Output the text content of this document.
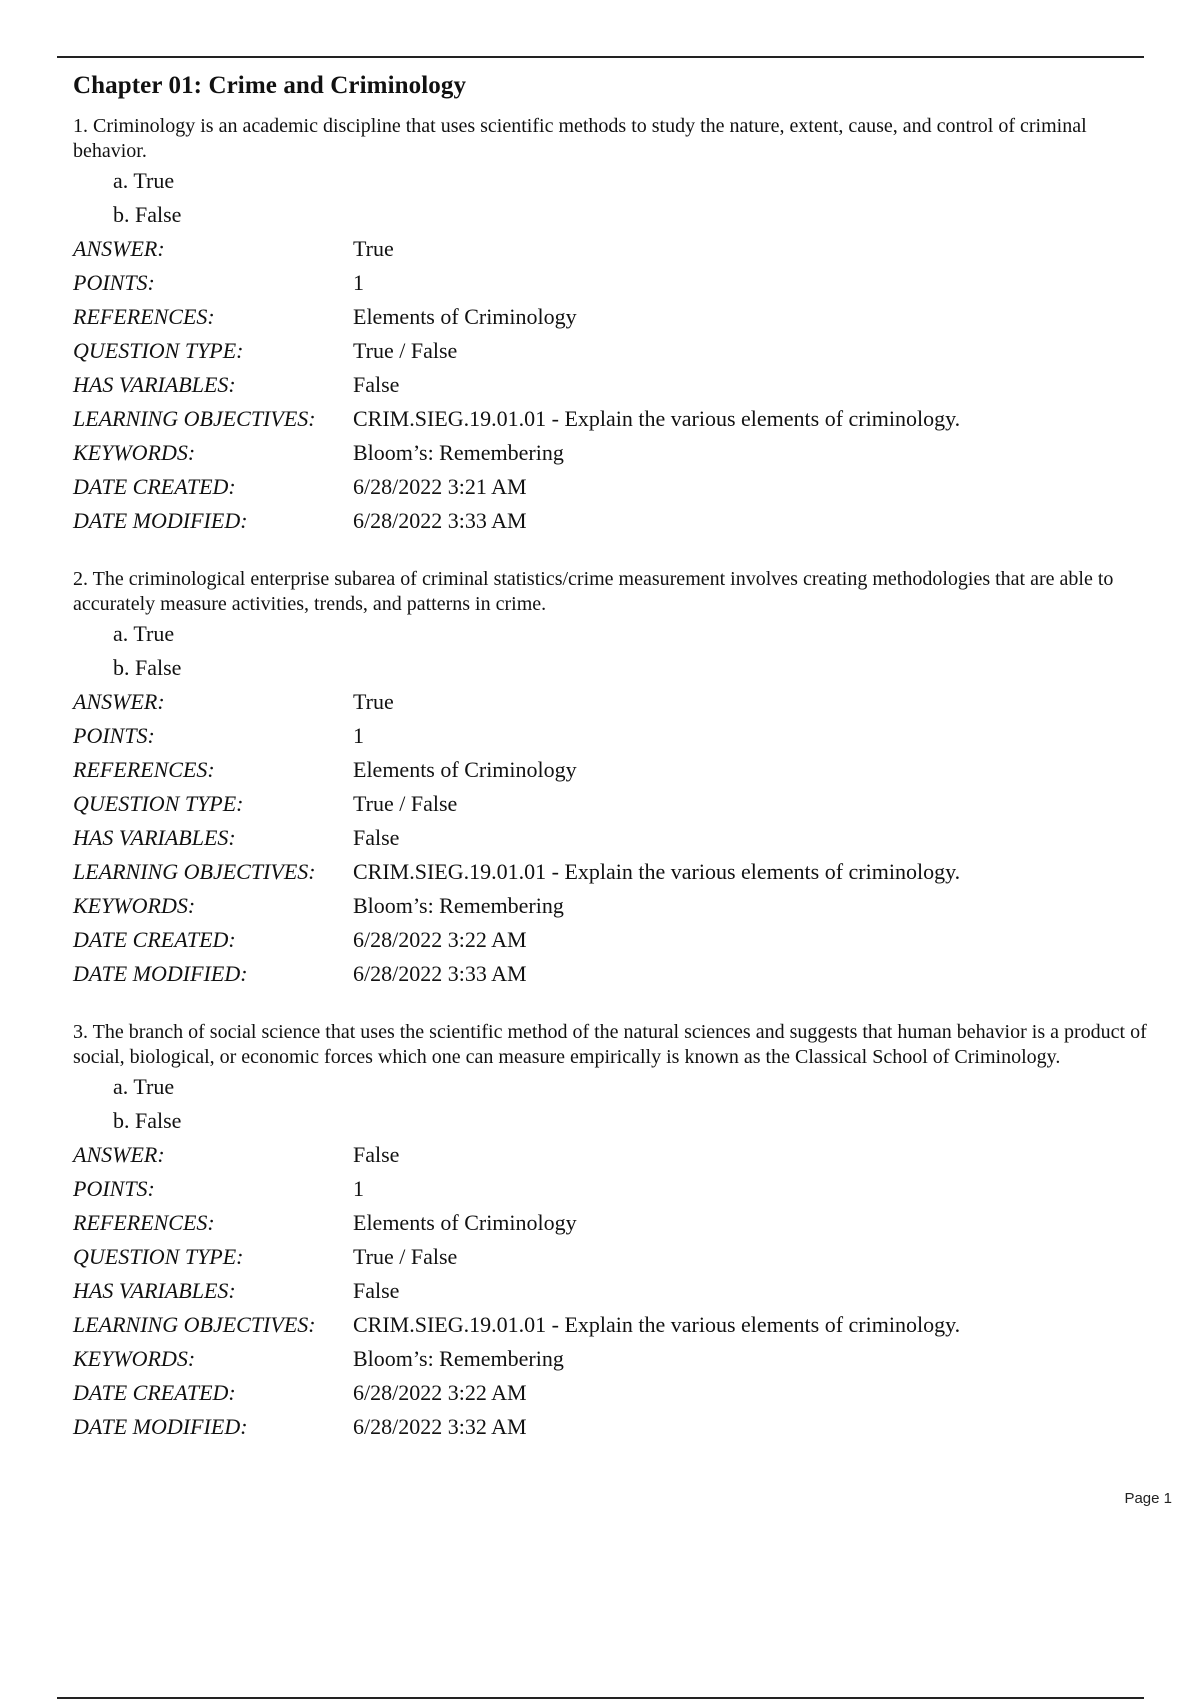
Chapter 01: Crime and Criminology

1. Criminology is an academic discipline that uses scientific methods to study the nature, extent, cause, and control of criminal behavior.

a. True
b. False
ANSWER:	True
POINTS:	1
REFERENCES:	Elements of Criminology
QUESTION TYPE:	True / False
HAS VARIABLES:	False
LEARNING OBJECTIVES:	CRIM.SIEG.19.01.01 - Explain the various elements of criminology.
KEYWORDS:	Bloom’s: Remembering
DATE CREATED:	6/28/2022 3:21 AM
DATE MODIFIED:	6/28/2022 3:33 AM

2. The criminological enterprise subarea of criminal statistics/crime measurement involves creating methodologies that are able to accurately measure activities, trends, and patterns in crime.

a. True
b. False
ANSWER:	True
POINTS:	1
REFERENCES:	Elements of Criminology
QUESTION TYPE:	True / False
HAS VARIABLES:	False
LEARNING OBJECTIVES:	CRIM.SIEG.19.01.01 - Explain the various elements of criminology.
KEYWORDS:	Bloom’s: Remembering
DATE CREATED:	6/28/2022 3:22 AM
DATE MODIFIED:	6/28/2022 3:33 AM

3. The branch of social science that uses the scientific method of the natural sciences and suggests that human behavior is a product of social, biological, or economic forces which one can measure empirically is known as the Classical School of Criminology.

a. True
b. False
ANSWER:	False
POINTS:	1
REFERENCES:	Elements of Criminology
QUESTION TYPE:	True / False
HAS VARIABLES:	False
LEARNING OBJECTIVES:	CRIM.SIEG.19.01.01 - Explain the various elements of criminology.
KEYWORDS:	Bloom’s: Remembering
DATE CREATED:	6/28/2022 3:22 AM
DATE MODIFIED:	6/28/2022 3:32 AM
Page 1
